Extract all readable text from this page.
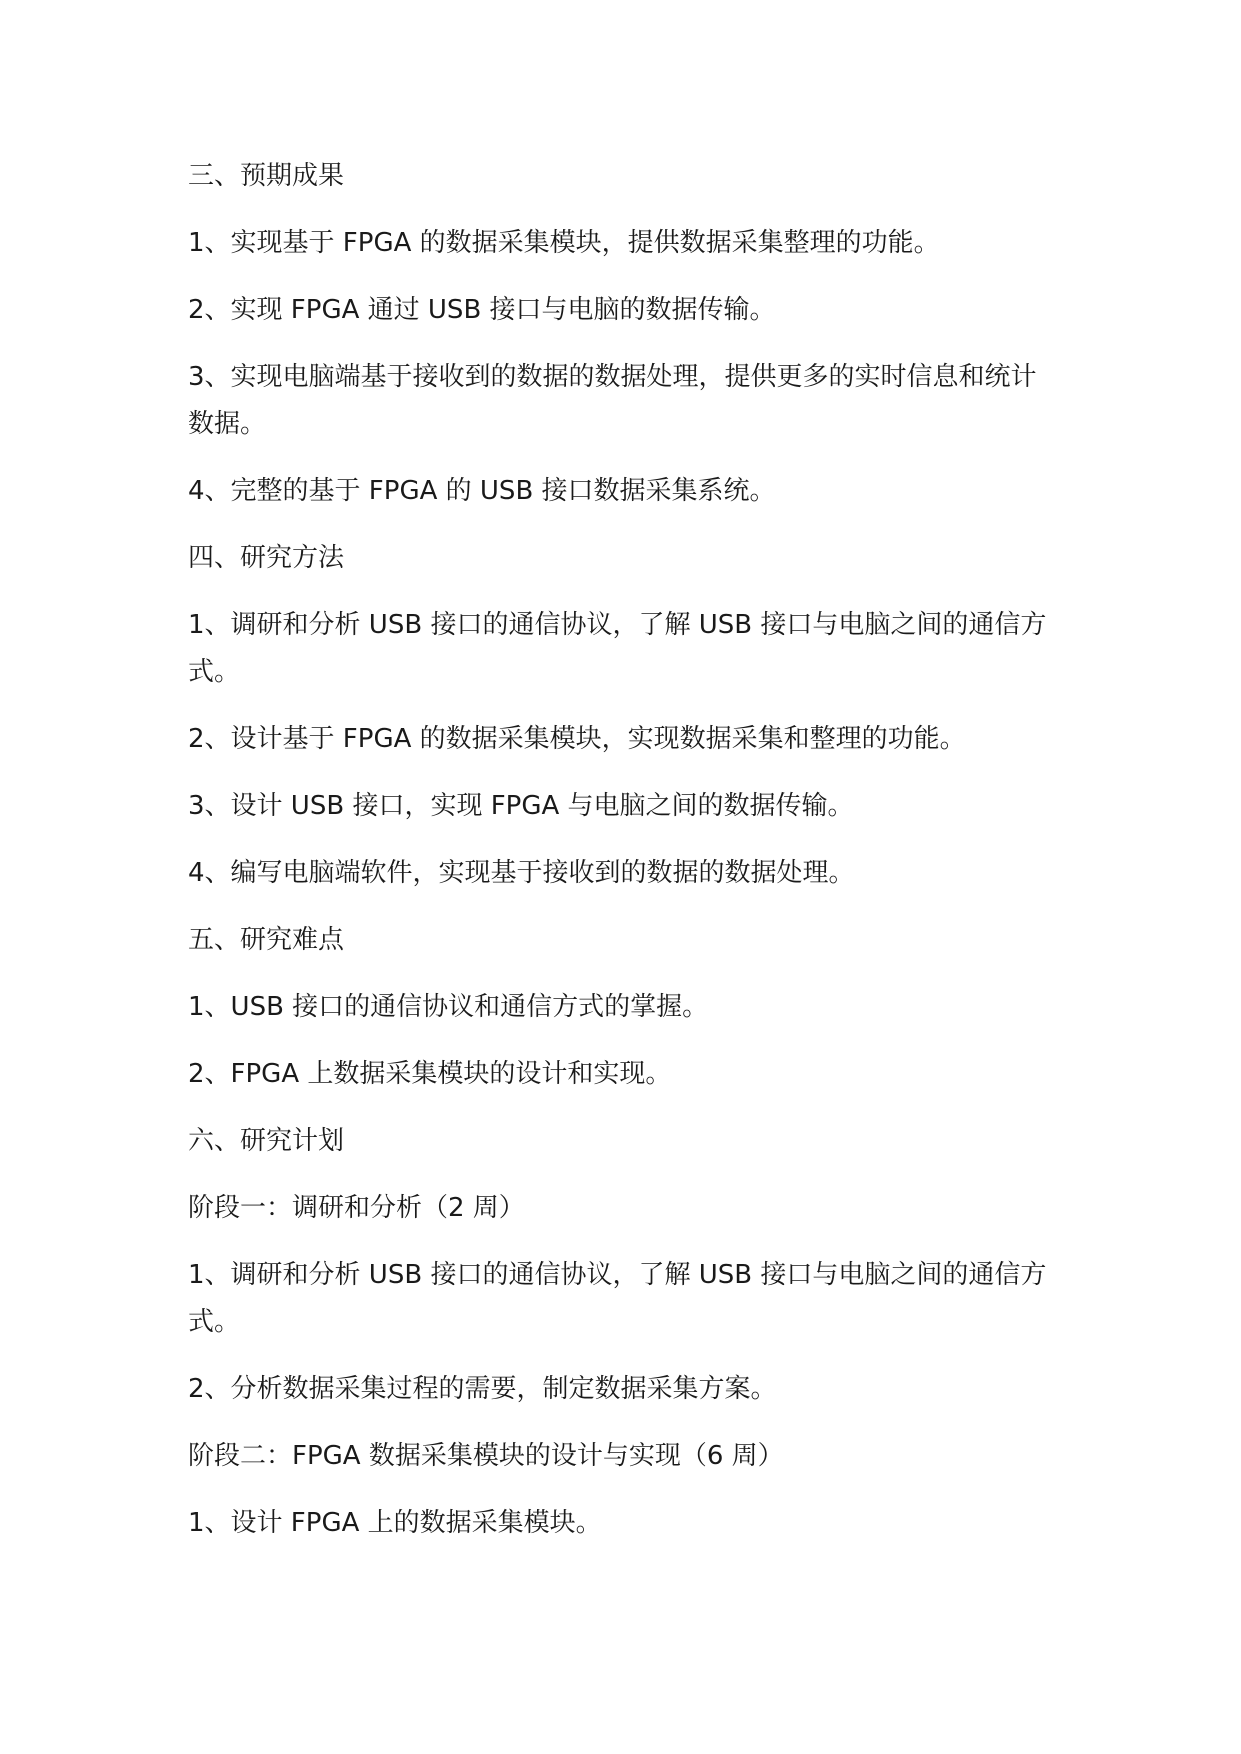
三、预期成果

1、实现基于 FPGA 的数据采集模块，提供数据采集整理的功能。

2、实现 FPGA 通过 USB 接口与电脑的数据传输。

3、实现电脑端基于接收到的数据的数据处理，提供更多的实时信息和统计数据。

4、完整的基于 FPGA 的 USB 接口数据采集系统。

四、研究方法

1、调研和分析 USB 接口的通信协议，了解 USB 接口与电脑之间的通信方式。

2、设计基于 FPGA 的数据采集模块，实现数据采集和整理的功能。

3、设计 USB 接口，实现 FPGA 与电脑之间的数据传输。

4、编写电脑端软件，实现基于接收到的数据的数据处理。

五、研究难点

1、USB 接口的通信协议和通信方式的掌握。

2、FPGA 上数据采集模块的设计和实现。

六、研究计划

阶段一：调研和分析（2 周）

1、调研和分析 USB 接口的通信协议，了解 USB 接口与电脑之间的通信方式。

2、分析数据采集过程的需要，制定数据采集方案。

阶段二：FPGA 数据采集模块的设计与实现（6 周）

1、设计 FPGA 上的数据采集模块。
